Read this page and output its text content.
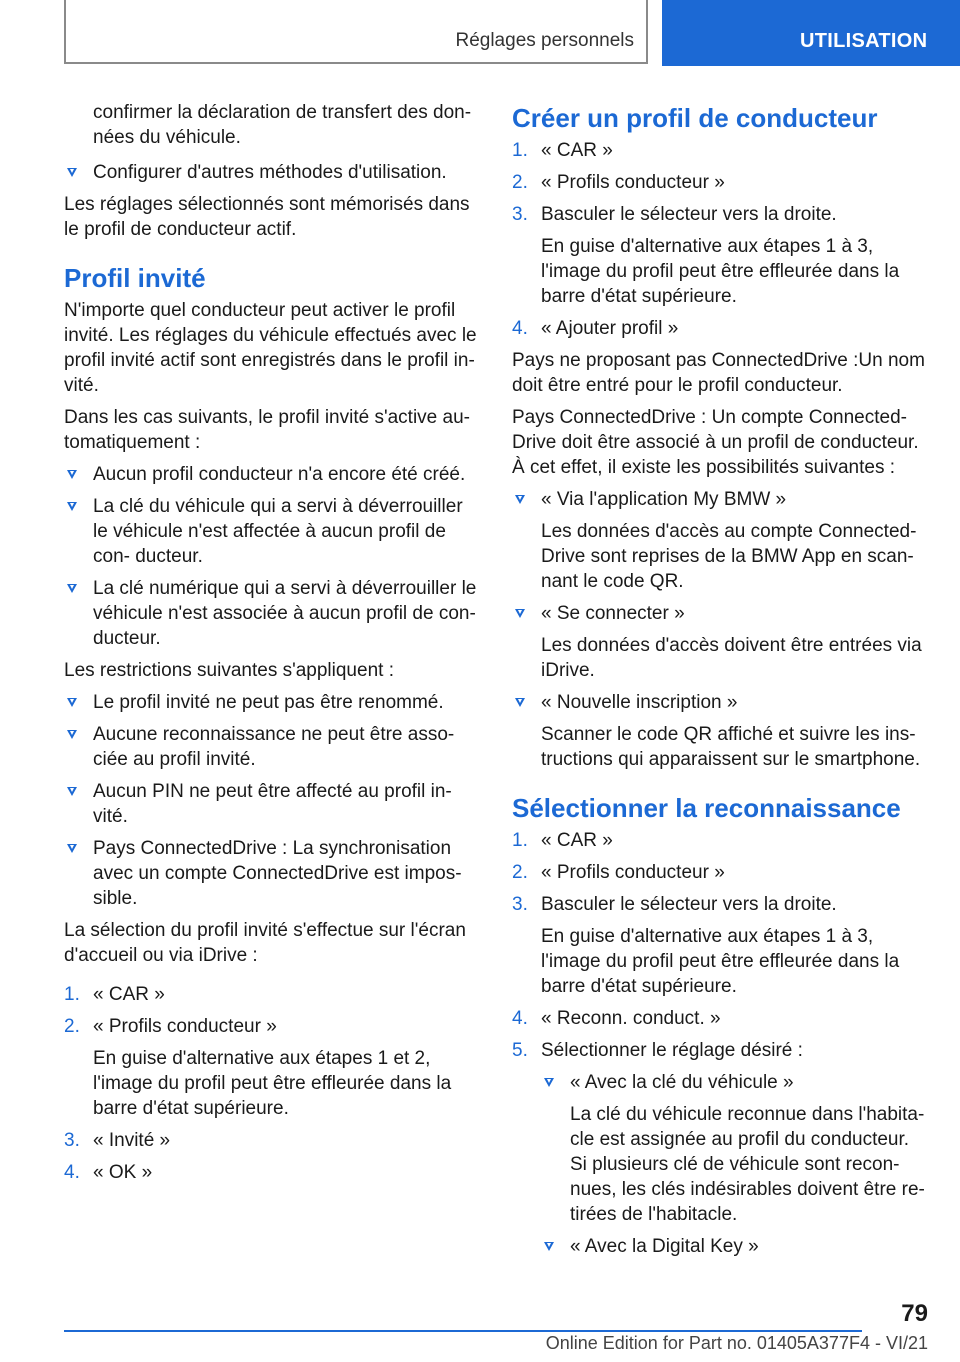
Réglages personnels	UTILISATION
confirmer la déclaration de transfert des don- nées du véhicule.
Configurer d'autres méthodes d'utilisation.

Les réglages sélectionnés sont mémorisés dans le profil de conducteur actif.

Profil invité

N'importe quel conducteur peut activer le profil invité. Les réglages du véhicule effectués avec le profil invité actif sont enregistrés dans le profil in- vité.

Dans les cas suivants, le profil invité s'active au- tomatiquement :

Aucun profil conducteur n'a encore été créé.
La clé du véhicule qui a servi à déverrouiller le véhicule n'est affectée à aucun profil de con- ducteur.
La clé numérique qui a servi à déverrouiller le véhicule n'est associée à aucun profil de con- ducteur.

Les restrictions suivantes s'appliquent :

Le profil invité ne peut pas être renommé.
Aucune reconnaissance ne peut être asso- ciée au profil invité.
Aucun PIN ne peut être affecté au profil in- vité.
Pays ConnectedDrive : La synchronisation avec un compte ConnectedDrive est impos- sible.

La sélection du profil invité s'effectue sur l'écran d'accueil ou via iDrive :

1. « CAR »
2. « Profils conducteur »
En guise d'alternative aux étapes 1 et 2, l'image du profil peut être effleurée dans la barre d'état supérieure.
3. « Invité »
4. « OK »
Créer un profil de conducteur
1. « CAR »
2. « Profils conducteur »
3. Basculer le sélecteur vers la droite.
En guise d'alternative aux étapes 1 à 3, l'image du profil peut être effleurée dans la barre d'état supérieure.
4. « Ajouter profil »

Pays ne proposant pas ConnectedDrive :Un nom doit être entré pour le profil conducteur.

Pays ConnectedDrive : Un compte Connected- Drive doit être associé à un profil de conducteur. À cet effet, il existe les possibilités suivantes :

« Via l'application My BMW »
Les données d'accès au compte Connected- Drive sont reprises de la BMW App en scan- nant le code QR.
« Se connecter »
Les données d'accès doivent être entrées via iDrive.
« Nouvelle inscription »
Scanner le code QR affiché et suivre les ins- tructions qui apparaissent sur le smartphone.
Sélectionner la reconnaissance
1. « CAR »
2. « Profils conducteur »
3. Basculer le sélecteur vers la droite.
En guise d'alternative aux étapes 1 à 3, l'image du profil peut être effleurée dans la barre d'état supérieure.
4. « Reconn. conduct. »
5. Sélectionner le réglage désiré :
« Avec la clé du véhicule »
La clé du véhicule reconnue dans l'habita- cle est assignée au profil du conducteur. Si plusieurs clé de véhicule sont recon- nues, les clés indésirables doivent être re- tirées de l'habitacle.
« Avec la Digital Key »
79
Online Edition for Part no. 01405A377F4 - VI/21
